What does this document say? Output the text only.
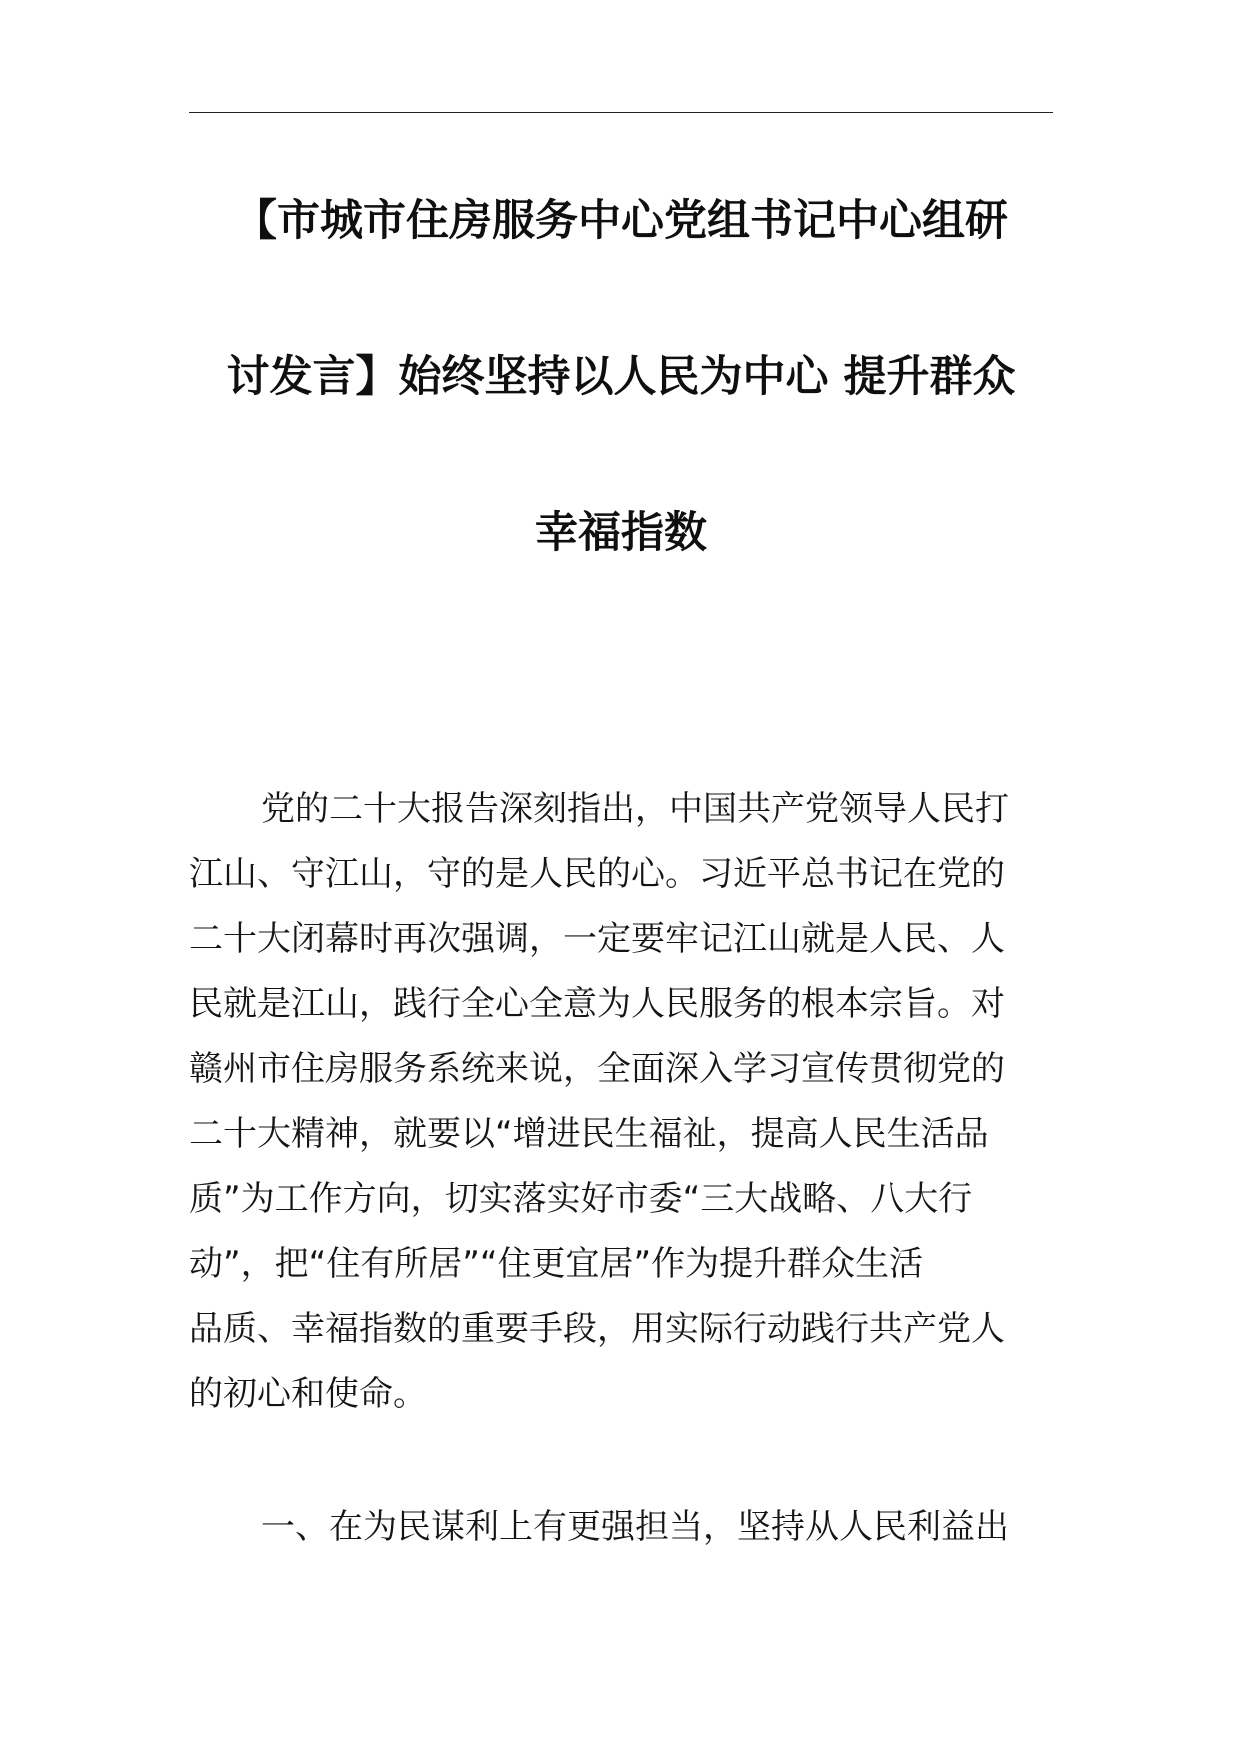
【市城市住房服务中心党组书记中心组研
讨发言】始终坚持以人民为中心 提升群众
幸福指数
党的二十大报告深刻指出，中国共产党领导人民打
江山、守江山，守的是人民的心。习近平总书记在党的
二十大闭幕时再次强调，一定要牢记江山就是人民、人
民就是江山，践行全心全意为人民服务的根本宗旨。对
赣州市住房服务系统来说，全面深入学习宣传贯彻党的
二十大精神，就要以“增进民生福祉，提高人民生活品
质”为工作方向，切实落实好市委“三大战略、八大行
动”，把“住有所居”“住更宜居”作为提升群众生活
品质、幸福指数的重要手段，用实际行动践行共产党人
的初心和使命。

一、在为民谋利上有更强担当，坚持从人民利益出
